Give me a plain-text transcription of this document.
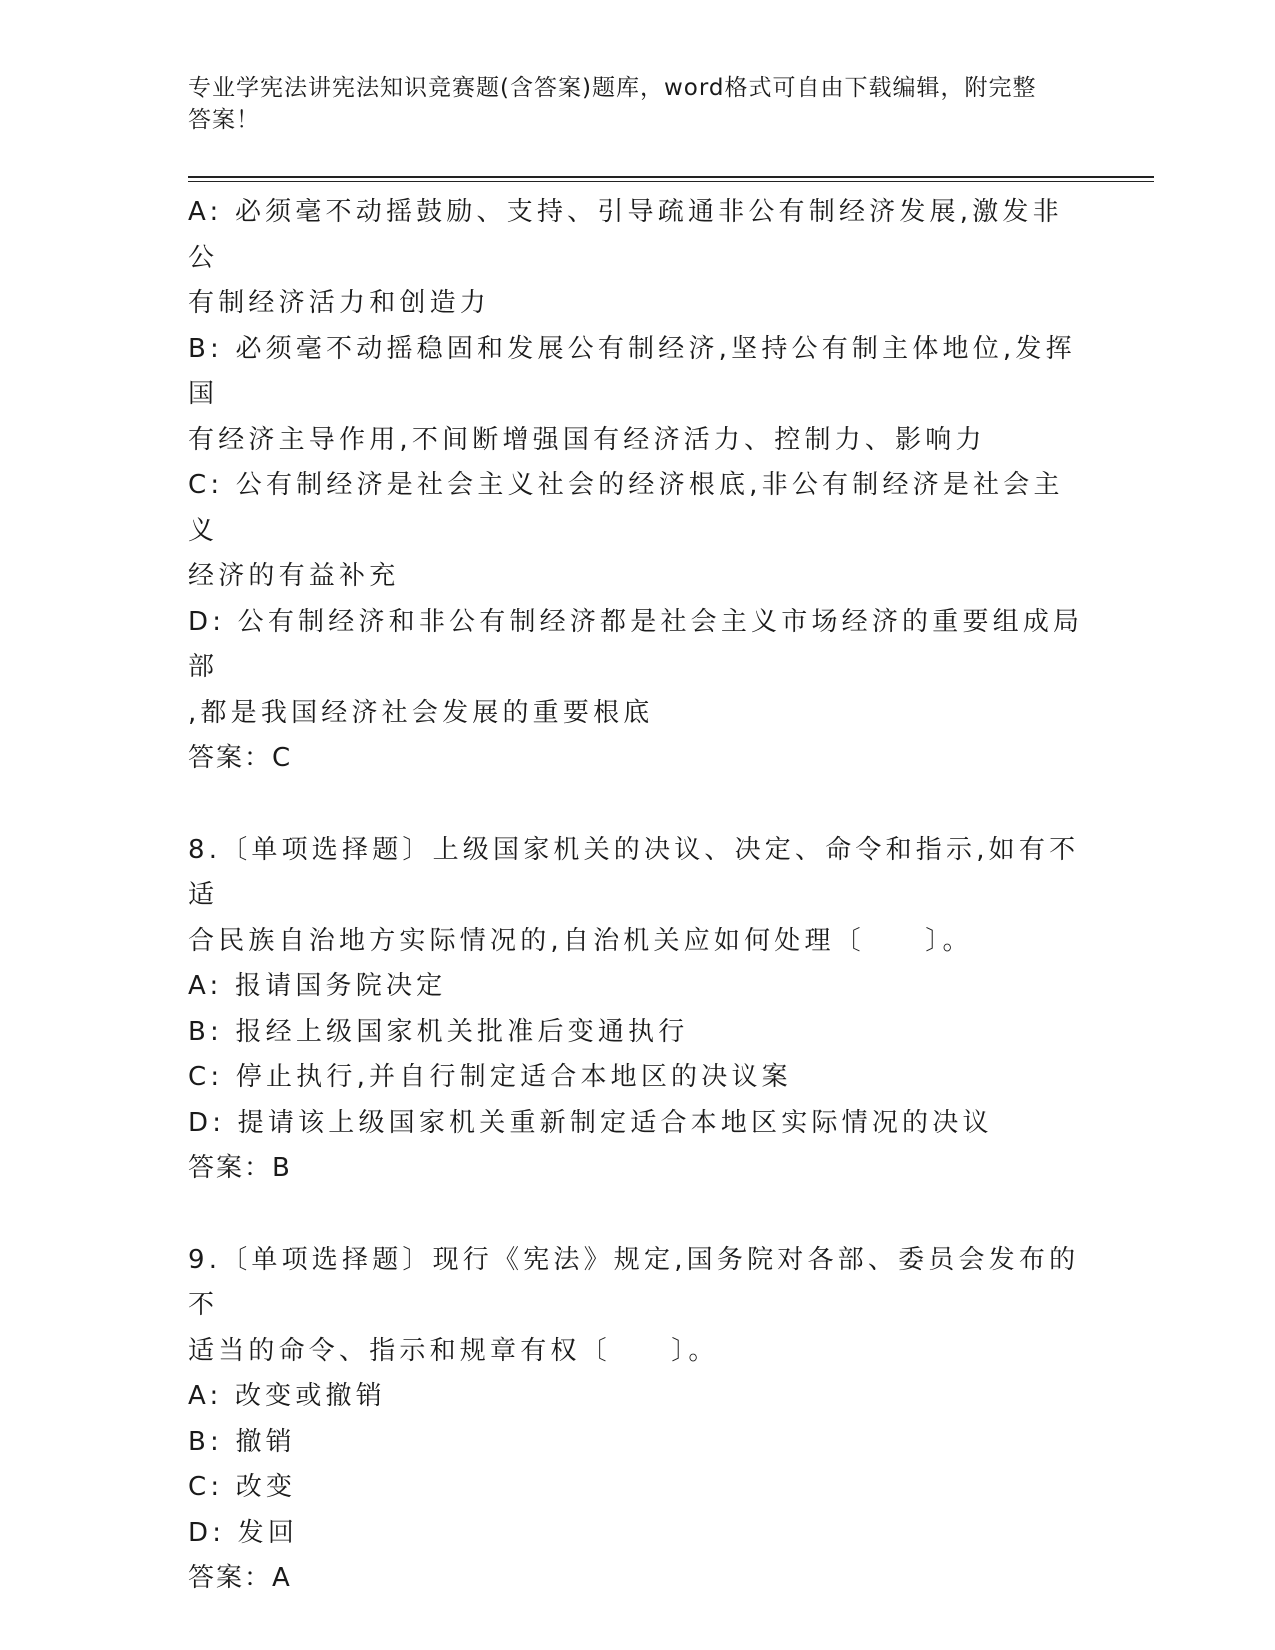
专业学宪法讲宪法知识竞赛题(含答案)题库，word格式可自由下载编辑，附完整
答案！

A: 必须毫不动摇鼓励、支持、引导疏通非公有制经济发展,激发非公

有制经济活力和创造力

B: 必须毫不动摇稳固和发展公有制经济,坚持公有制主体地位,发挥国

有经济主导作用,不间断增强国有经济活力、控制力、影响力

C: 公有制经济是社会主义社会的经济根底,非公有制经济是社会主义

经济的有益补充

D: 公有制经济和非公有制经济都是社会主义市场经济的重要组成局部

,都是我国经济社会发展的重要根底

答案：C

8.〔单项选择题〕上级国家机关的决议、决定、命令和指示,如有不适

合民族自治地方实际情况的,自治机关应如何处理〔　　〕。

A: 报请国务院决定

B: 报经上级国家机关批准后变通执行

C: 停止执行,并自行制定适合本地区的决议案

D: 提请该上级国家机关重新制定适合本地区实际情况的决议

答案：B

9.〔单项选择题〕现行《宪法》规定,国务院对各部、委员会发布的不

适当的命令、指示和规章有权〔　　〕。

A: 改变或撤销

B: 撤销

C: 改变

D: 发回

答案：A
